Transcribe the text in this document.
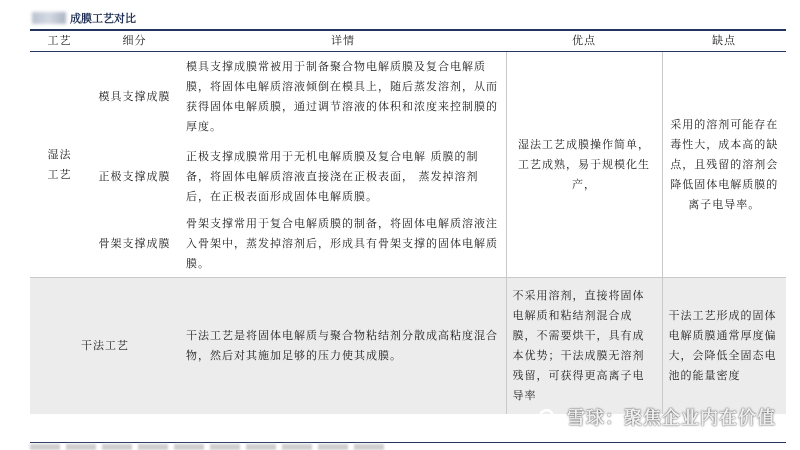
成膜工艺对比
工艺	细分	详情	优点	缺点

湿法工艺	模具支撑成膜	模具支撑成膜常被用于制备聚合物电解质膜及复合电解质膜，将固体电解质溶液倾倒在模具上，随后蒸发溶剂，从而获得固体电解质膜，通过调节溶液的体积和浓度来控制膜的厚度。	湿法工艺成膜操作简单，工艺成熟，易于规模化生产，	采用的溶剂可能存在毒性大，成本高的缺点，且残留的溶剂会降低固体电解质膜的离子电导率。

	正极支撑成膜	正极支撑成膜常用于无机电解质膜及复合电解 质膜的制备，将固体电解质溶液直接浇在正极表面， 蒸发掉溶剂后，在正极表面形成固体电解质膜。		
	骨架支撑成膜	骨架支撑常用于复合电解质膜的制备，将固体电解质溶液注入骨架中，蒸发掉溶剂后，形成具有骨架支撑的固体电解质膜。		
干法工艺		干法工艺是将固体电解质与聚合物粘结剂分散成高粘度混合物，然后对其施加足够的压力使其成膜。	不采用溶剂，直接将固体电解质和粘结剂混合成膜，不需要烘干，具有成本优势；干法成膜无溶剂残留，可获得更高离子电导率	干法工艺形成的固体电解质膜通常厚度偏大，会降低全固态电池的能量密度
雪球：聚焦企业内在价值
